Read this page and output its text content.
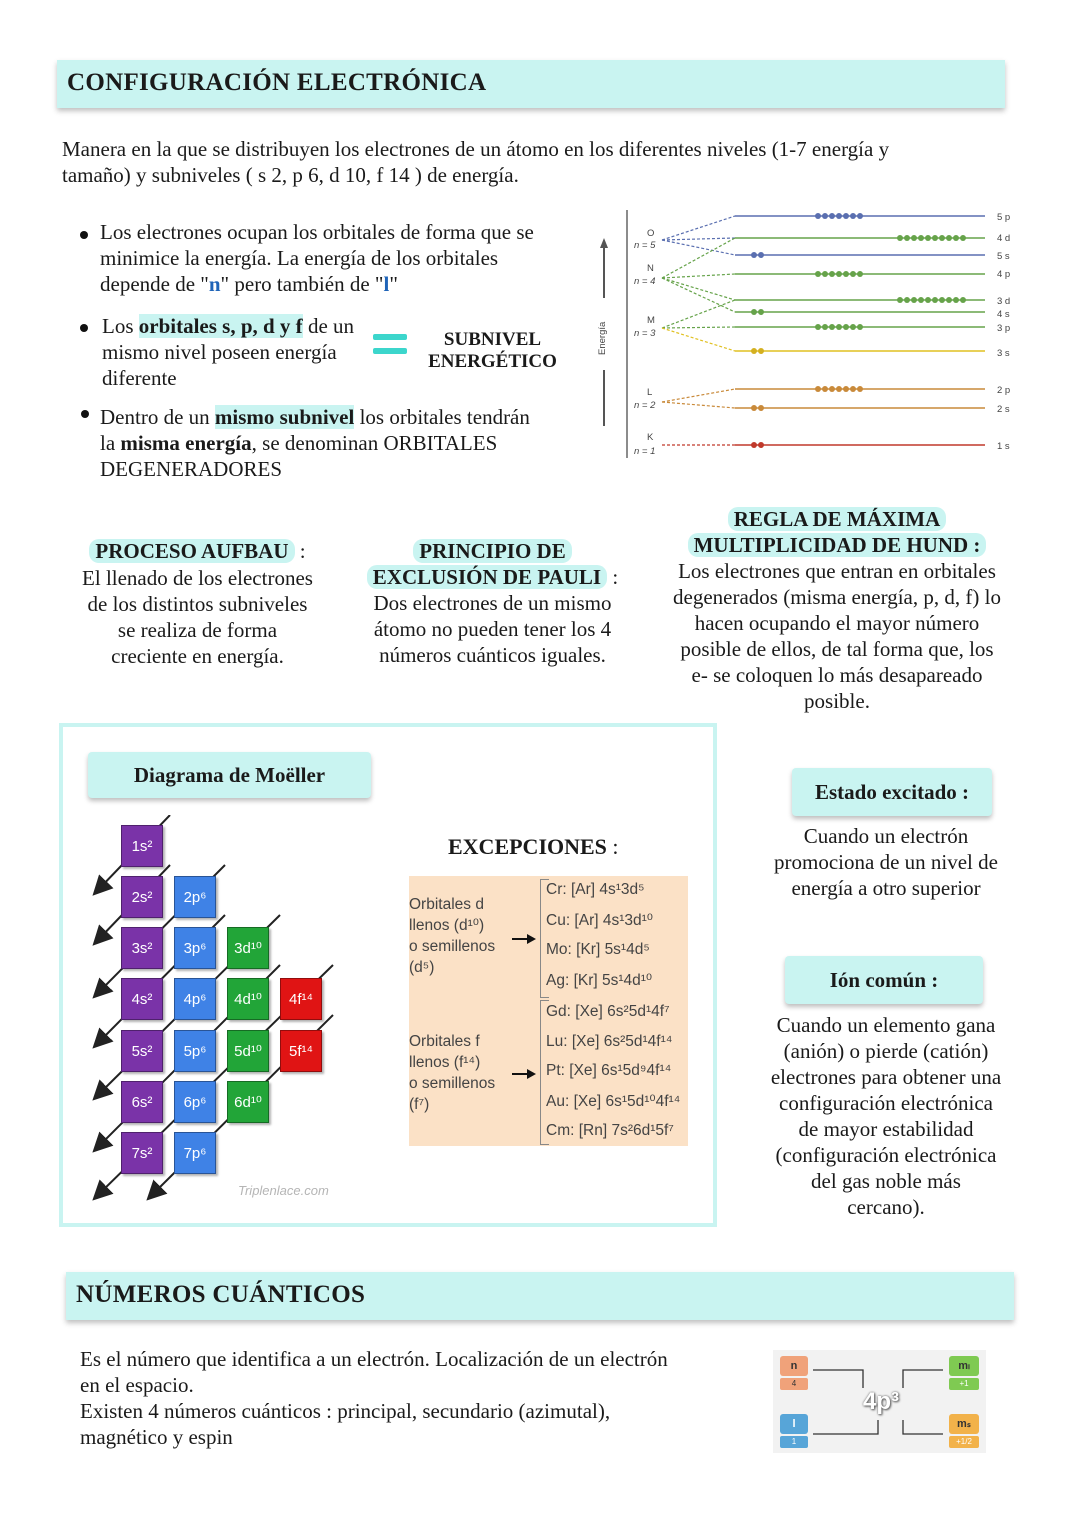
CONFIGURACIÓN ELECTRÓNICA
Manera en la que se distribuyen los electrones de un átomo en los diferentes niveles (1-7 energía y
tamaño) y subniveles ( s 2, p 6, d 10, f 14 ) de energía.
Los electrones ocupan los orbitales de forma que se
minimice la energía. La energía de los orbitales
depende de "n" pero también de "l"
Los orbitales s, p, d y f de un
mismo nivel poseen energía
diferente
SUBNIVEL
ENERGÉTICO
Dentro de un mismo subnivel los orbitales tendrán
la misma energía, se denominan ORBITALES
DEGENERADORES
Energía
O
n = 5
N
n = 4
M
n = 3
L
n = 2
K
n = 1
5 p
4 d
5 s
4 p
3 d
4 s
3 p
3 s
2 p
2 s
1 s
PROCESO AUFBAU :
El llenado de los electrones
de los distintos subniveles
se realiza de forma
creciente en energía.
PRINCIPIO DE
EXCLUSIÓN DE PAULI :
Dos electrones de un mismo
átomo no pueden tener los 4
números cuánticos iguales.
REGLA DE MÁXIMA
MULTIPLICIDAD DE HUND :
Los electrones que entran en orbitales
degenerados (misma energía, p, d, f) lo
hacen ocupando el mayor número
posible de ellos, de tal forma que, los
e- se coloquen lo más desapareado
posible.
Diagrama de Moëller
1s²
2s²	2p⁶
3s²	3p⁶	3d¹⁰
4s²	4p⁶	4d¹⁰	4f¹⁴
5s²	5p⁶	5d¹⁰	5f¹⁴
6s²	6p⁶	6d¹⁰
7s²	7p⁶
Triplenlace.com
EXCEPCIONES :
Orbitales d
llenos (d¹⁰)
o semillenos
(d⁵)
Orbitales f
llenos (f¹⁴)
o semillenos
(f⁷)
Cr: [Ar] 4s¹3d⁵
Cu: [Ar] 4s¹3d¹⁰
Mo: [Kr] 5s¹4d⁵
Ag: [Kr] 5s¹4d¹⁰
Gd: [Xe] 6s²5d¹4f⁷
Lu: [Xe] 6s²5d¹4f¹⁴
Pt: [Xe] 6s¹5d⁹4f¹⁴
Au: [Xe] 6s¹5d¹⁰4f¹⁴
Cm: [Rn] 7s²6d¹5f⁷
Estado excitado :
Cuando un electrón
promociona de un nivel de
energía a otro superior
Ión común :
Cuando un elemento gana
(anión) o pierde (catión)
electrones para obtener una
configuración electrónica
de mayor estabilidad
(configuración electrónica
del gas noble más
cercano).
NÚMEROS CUÁNTICOS
Es el número que identifica a un electrón. Localización de un electrón
en el espacio.
Existen 4 números cuánticos : principal, secundario (azimutal),
magnético y espin
n
4
l
1
mₗ
+1
mₛ
+1/2
4p³
